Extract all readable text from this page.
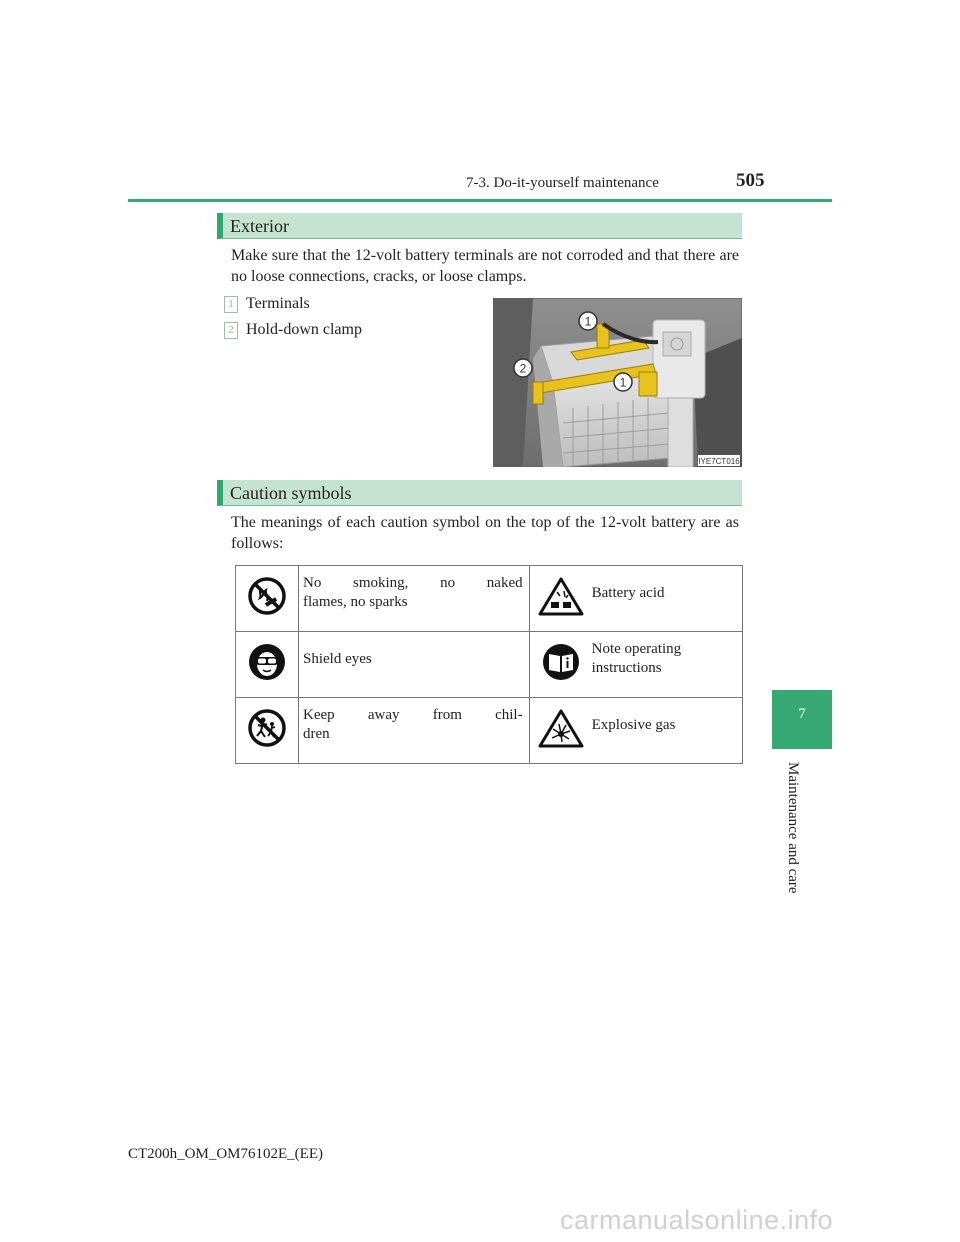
7-3. Do-it-yourself maintenance	505
7
Maintenance and care
Exterior
Make sure that the 12-volt battery terminals are not corroded and that there are no loose connections, cracks, or loose clamps.
1 Terminals
2 Hold-down clamp	1
2
1
IYE7CT016
Caution symbols
The meanings of each caution symbol on the top of the 12-volt battery are as follows:

No smoking, no naked
flames, no sparks		Battery acid

Shield eyes		Note operating
instructions

Keep away from chil-
dren		Explosive gas
CT200h_OM_OM76102E_(EE)
carmanualsonline.info
